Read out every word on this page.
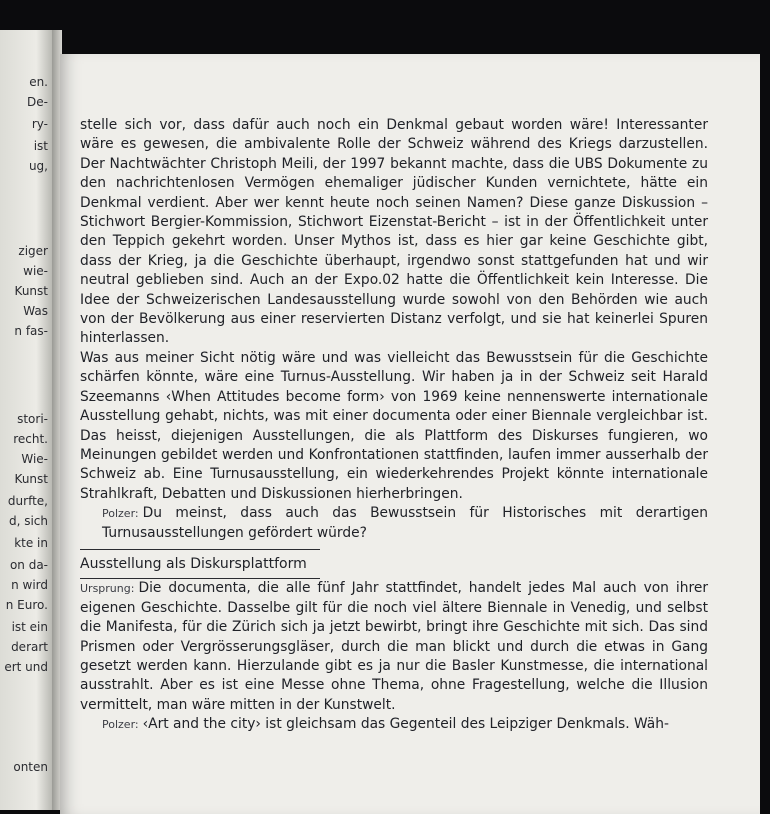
en.
De-
ry-
ist
ug,
ziger
wie-
Kunst
Was
n fas-
stori-
recht.
Wie-
Kunst
durfte,
d, sich
kte in
on da-
n wird
n Euro.
ist ein
derart
ert und
onten

stelle sich vor, dass dafür auch noch ein Denkmal gebaut worden wäre! Interessanter wäre es gewesen, die ambivalente Rolle der Schweiz während des Kriegs darzustellen. Der Nachtwächter Christoph Meili, der 1997 bekannt machte, dass die UBS Dokumente zu den nachrichtenlosen Vermögen ehemaliger jüdischer Kunden vernichtete, hätte ein Denkmal verdient. Aber wer kennt heute noch seinen Namen? Diese ganze Diskussion – Stichwort Bergier-Kommission, Stichwort Eizenstat-Bericht – ist in der Öffentlichkeit unter den Teppich gekehrt worden. Unser Mythos ist, dass es hier gar keine Geschichte gibt, dass der Krieg, ja die Geschichte überhaupt, irgendwo sonst stattgefunden hat und wir neutral geblieben sind. Auch an der Expo.02 hatte die Öffentlichkeit kein Interesse. Die Idee der Schweizerischen Landesausstellung wurde sowohl von den Behörden wie auch von der Bevölkerung aus einer reservierten Distanz verfolgt, und sie hat keinerlei Spuren hinterlassen.

Was aus meiner Sicht nötig wäre und was vielleicht das Bewusstsein für die Geschichte schärfen könnte, wäre eine Turnus-Ausstellung. Wir haben ja in der Schweiz seit Harald Szeemanns ‹When Attitudes become form› von 1969 keine nennenswerte internationale Ausstellung gehabt, nichts, was mit einer documenta oder einer Biennale vergleichbar ist. Das heisst, diejenigen Ausstellungen, die als Plattform des Diskurses fungieren, wo Meinungen gebildet werden und Konfrontationen stattfinden, laufen immer ausserhalb der Schweiz ab. Eine Turnusausstellung, ein wiederkehrendes Projekt könnte internationale Strahlkraft, Debatten und Diskussionen hierherbringen.

Polzer: Du meinst, dass auch das Bewusstsein für Historisches mit derartigen Turnusausstellungen gefördert würde?

Ausstellung als Diskursplattform

Ursprung: Die documenta, die alle fünf Jahr stattfindet, handelt jedes Mal auch von ihrer eigenen Geschichte. Dasselbe gilt für die noch viel ältere Biennale in Venedig, und selbst die Manifesta, für die Zürich sich ja jetzt bewirbt, bringt ihre Geschichte mit sich. Das sind Prismen oder Vergrösserungsgläser, durch die man blickt und durch die etwas in Gang gesetzt werden kann. Hierzulande gibt es ja nur die Basler Kunstmesse, die international ausstrahlt. Aber es ist eine Messe ohne Thema, ohne Fragestellung, welche die Illusion vermittelt, man wäre mitten in der Kunstwelt.

Polzer: ‹Art and the city› ist gleichsam das Gegenteil des Leipziger Denkmals. Wäh-
